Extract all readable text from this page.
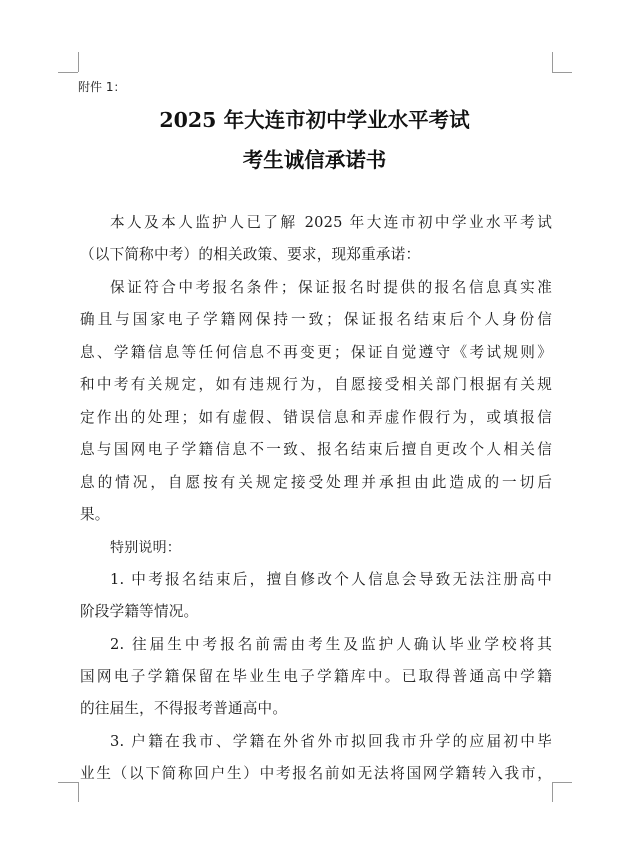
附件 1：
2025 年大连市初中学业水平考试
考生诚信承诺书
本人及本人监护人已了解 2025 年大连市初中学业水平考试
（以下简称中考）的相关政策、要求，现郑重承诺：
保证符合中考报名条件；保证报名时提供的报名信息真实准
确且与国家电子学籍网保持一致；保证报名结束后个人身份信
息、学籍信息等任何信息不再变更；保证自觉遵守《考试规则》
和中考有关规定，如有违规行为，自愿接受相关部门根据有关规
定作出的处理；如有虚假、错误信息和弄虚作假行为，或填报信
息与国网电子学籍信息不一致、报名结束后擅自更改个人相关信
息的情况，自愿按有关规定接受处理并承担由此造成的一切后
果。
特别说明：
1. 中考报名结束后，擅自修改个人信息会导致无法注册高中
阶段学籍等情况。
2. 往届生中考报名前需由考生及监护人确认毕业学校将其
国网电子学籍保留在毕业生电子学籍库中。已取得普通高中学籍
的往届生，不得报考普通高中。
3. 户籍在我市、学籍在外省外市拟回我市升学的应届初中毕
业生（以下简称回户生）中考报名前如无法将国网学籍转入我市，
